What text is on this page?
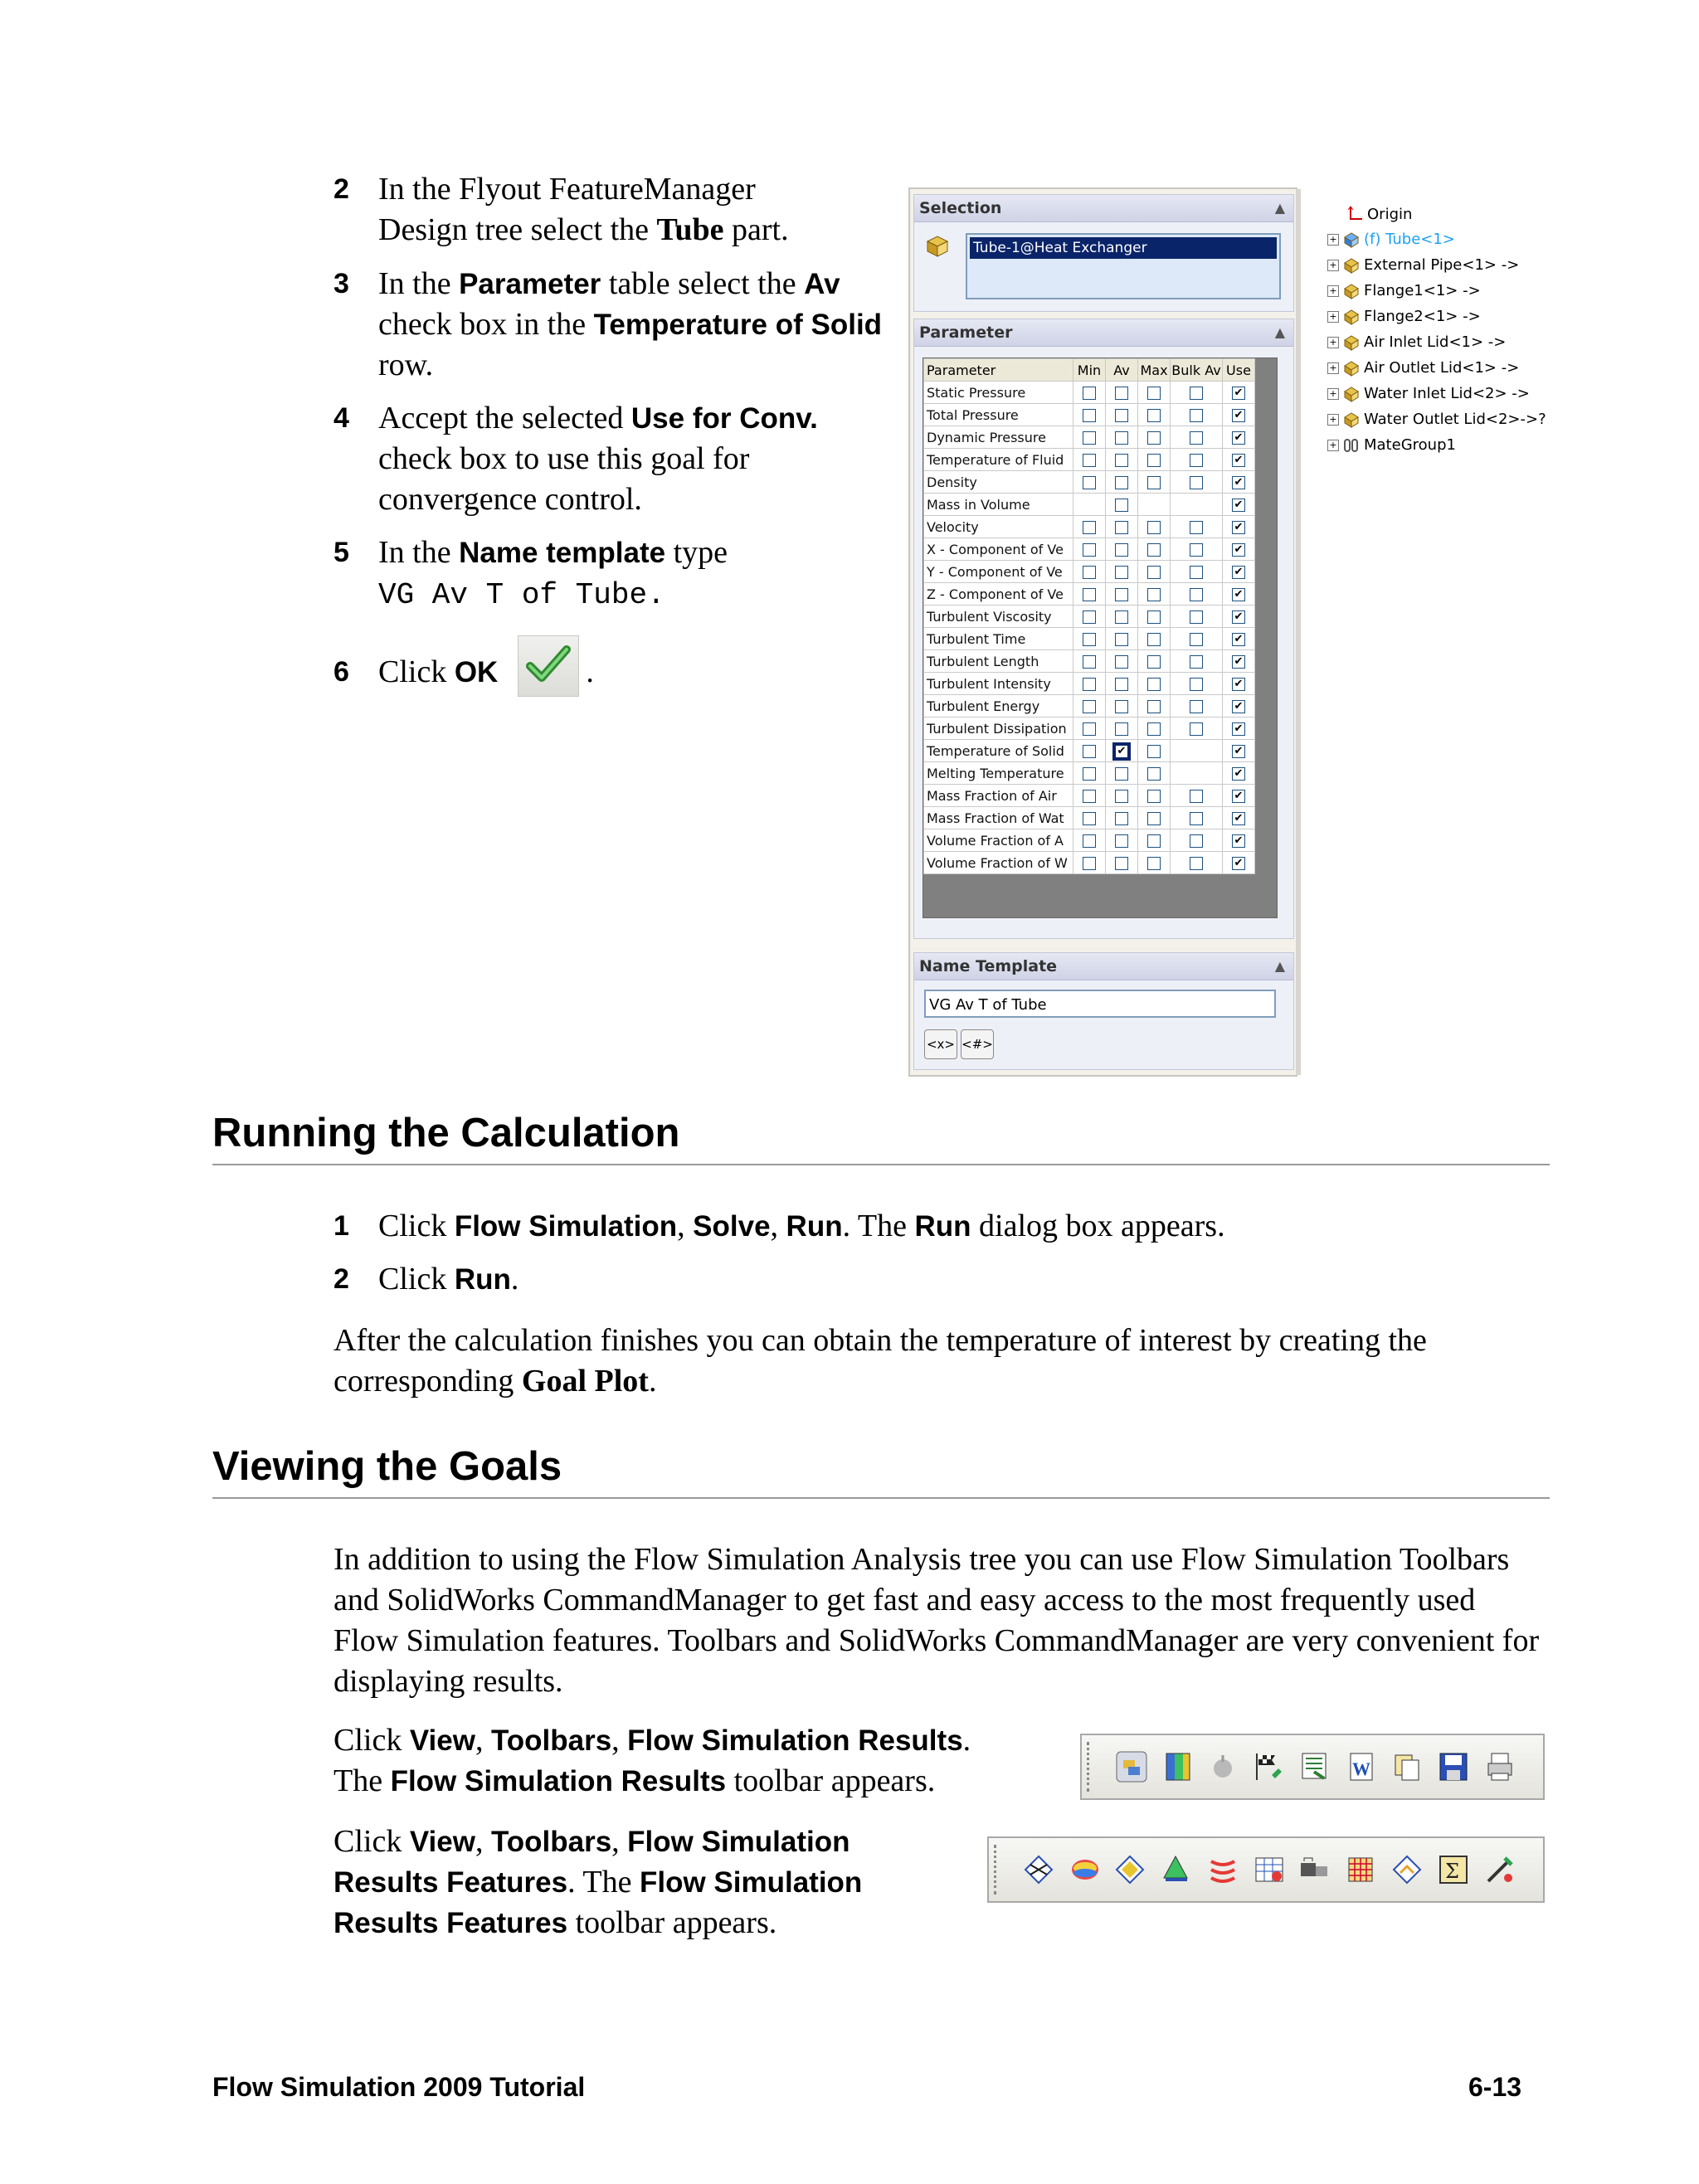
2 In the Flyout FeatureManager
Design tree select the Tube part.
3 In the Parameter table select the Av
check box in the Temperature of Solid row.
4 Accept the selected Use for Conv. check box to use this goal for convergence control.
5 In the Name template type
VG Av T of Tube.
6 Click OK	.
Selection	▲
Tube-1@Heat Exchanger
Parameter	▲
Parameter	Min	Av	Max	Bulk Av	Use
Static Pressure					✔
Total Pressure					✔
Dynamic Pressure					✔
Temperature of Fluid					✔
Density					✔
Mass in Volume					✔
Velocity					✔
X - Component of Ve					✔
Y - Component of Ve					✔
Z - Component of Ve					✔
Turbulent Viscosity					✔
Turbulent Time					✔
Turbulent Length					✔
Turbulent Intensity					✔
Turbulent Energy					✔
Turbulent Dissipation					✔
Temperature of Solid		✔			✔
Melting Temperature					✔
Mass Fraction of Air					✔
Mass Fraction of Wat					✔
Volume Fraction of A					✔
Volume Fraction of W					✔
Name Template	▲
VG Av T of Tube
<x> <#>
Origin
+ (f) Tube<1>
+ External Pipe<1> ->
+ Flange1<1> ->
+ Flange2<1> ->
+ Air Inlet Lid<1> ->
+ Air Outlet Lid<1> ->
+ Water Inlet Lid<2> ->
+ Water Outlet Lid<2>->?
+ MateGroup1
Running the Calculation
1 Click Flow Simulation, Solve, Run. The Run dialog box appears.
2 Click Run.
After the calculation finishes you can obtain the temperature of interest by creating the corresponding Goal Plot.
Viewing the Goals
In addition to using the Flow Simulation Analysis tree you can use Flow Simulation Toolbars and SolidWorks CommandManager to get fast and easy access to the most frequently used Flow Simulation features. Toolbars and SolidWorks CommandManager are very convenient for displaying results.
Click View, Toolbars, Flow Simulation Results.
The Flow Simulation Results toolbar appears.
Click View, Toolbars, Flow Simulation Results Features. The Flow Simulation Results Features toolbar appears.
W
Σ
Flow Simulation 2009 Tutorial	6-13
